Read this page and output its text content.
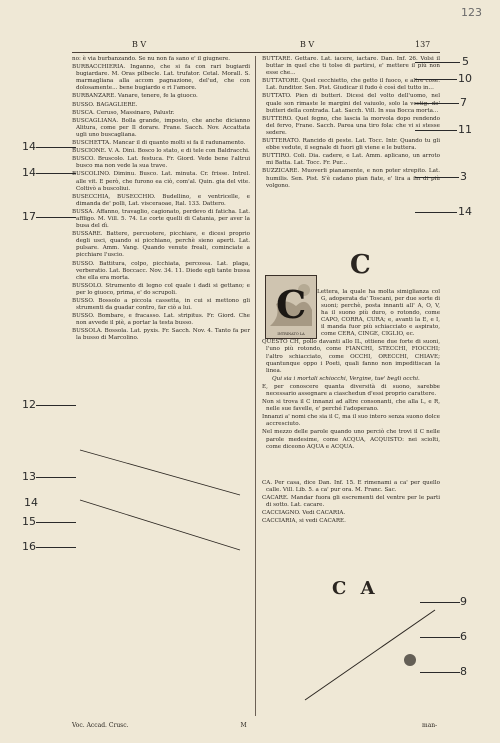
123
B V	B V	137

no: è via burbanzando. Se nu non fa sano e' il giugnere.

BURBACCHIERIA. Inganno, che si fa con rari bugiardi bugiardare. M. Oras pilbecle. Lat. trufator. Cetal. Morall. S. marmagliana alla accom pagnazione, del'ud, che con dolosamente... bene bugiardo e ri l'amore.

BURBANZARE. Vanare, tenere, fe la giuoco.

BUSSO. BAGAGLIERE.

BUSCA. Ceruso, Massinaro, Palustr.

BUSCAGLIANA. Bolla grande, imposto, che anche dicianno Alitura, come per Il dorare. Frane. Sacch. Nov. Accattata ugli uno buscagliana.

BUSCHETTA. Mancar il di quanto molti si fa il radunamento.

BUSCIONE. V. A. Dini. Bosco lo stato, e di tele con Baldracchi.

BUSCO. Bruscolo. Lat. festuca. Fr. Giord. Vede bene l'altrui busco ma non vede la sua trave.

BUSCOLINO. Diminu. Busco. Lat. minuta. Cr. frisse. Intrel. alle vit. E però, che furono ea ciò, com'al. Quin. gia del vite. Coltivò a buscoliui.

BUSECCHIA, BUSECCHIO. Budellino, e ventricelle, e dimanda de' polli, Lat. visceraoae, Ital. 133. Dattero.

BUSSA. Affanno, travaglio, cagionato, perdevo di faticha. Lat. affligo. M. Vill. 5. 74. Le corte quelli di Catania, per aver la busa del dì.

BUSSARE. Battere, percuotere, picchiare, e dicesi proprio degli usci, quando si picchiano, perchè sieno aperti. Lat. pulsare. Amm. Vang. Quando venute freali, cominciate a picchiare l'uscio.

BUSSO. Battitura, colpo, picchiata, percossa. Lat. plaga, verberatio. Lat. Boccacc. Nov. 34. 11. Diede egli tante bussa che ella era morta.

BUSSOLO. Strumento di legno col quale i dadi si gettano; e per lo giuoco, prima, e' do scrupoli.

BUSSO. Bossolo a piccola cassetta, in cui si mettono gli strumenti da guadar contro, far ciò a lui.

BUSSO. Bombare, e fracasso. Lat. stripitus. Fr. Giord. Che non avvede il piè, a portar la testa busso.

BUSSOLA. Bossola. Lat. pyxis. Fr. Sacch. Nov. 4. Tanto fa per la busso di Marcolino.

BUTTARE. Gettare. Lat. iacere, iactare. Dan. Inf. 26. Volsi il buttar in quel che ti tolse di partirsi, e' mettere il più non esse che...

BUTTATORE. Quel cecchietto, che getto il fuoco, e altre cose. Lat. funditor. Sen. Pist. Giudicar il fudo è così del tutto in...

BUTTATO. Pien di butteri. Dicesi del volto dell'uomo, nel quale son rimaste le margini del vaiuolo, solo la vestig. de' butteri della contrada. Lat. Sacch. Vill. In sua Bocca morta...

BUTTERO. Quel fegno, che lascia la morvola dopo rendendo del fervo, Frane. Sacch. Parea una tiro fola: che vi si stesse sedere.

BUTTERATO. Rancido di peste. Lat. Tocc. Intr. Quando tu gli ebbe vedute, il segnale di fuori gli viene e le buttera.

BUTTIRO. Coli. Dia. cadere, e Lat. Amm. aplicano, un arroto mi Batta. Lat. Tocc. Fr. Pur...

BUZZICARE. Muoverli pianamente, e non poter strepito. Lat. humilis. Sen. Pist. S'è cadano pian fiate, e' lira a fin di più volgono.

Lettera, la quale ha molta simiglianza col G, adoperata da' Toscani, per due sorte di suoni; perchè, posta innanti all' A, O, V, ha il suono più duro, o rotondo, come CAPO, CORRA, CURA; e, avanti la E, e I, il manda fuor più schiacciato e aspirato, come CERA, CINGE, CIGLIO, ec.

QUESTO CH, pollo davanti allo IL, ottiene due forte di suoni, l'uno più rotondo, come FIANCHI, STECCHI, FIOCCHI; l'altro schiacciato, come OCCHI, ORECCHI, CHIAVE; quantunque oppo i Poeti, quali fanno non impeditiscan la linea.

Qui sia i mortali schiocchi, Vergine, tue' begli occhi.

E, per conoscere quanta diversità di suono, sarebbe necessario assegnare a ciaschedun d'essi proprio carattere.

Non si trova il C innanzi ad altre consonanti, che alla L, e R, nelle sue favelle, e' perché l'adoperano.

Innanzi a' nomi che sia il C, ma il suo intero senza suono dolce accresciuto.

Nel mezzo delle parole quando uno perciò che trovi il C nelle parole medesime, come ACQUA, ACQUISTO: nei sciolti, come diceono AQUA e ACQUA.

CA. Per casa, dice Dan. Inf. 15. E rimenami a ca' per quello calle. Vill. Lib. 5. a ca' pur ora. M. Franc. Sac.

CACARE. Mandar fuora gli escrementi del ventre per le parti di sotto. Lat. cacare.

CACCIAGNO. Vedi CACARIA.

CACCIARIA, si vedi CACARE.

C
C
INTRINATO LA
C A
Voc. Accad. Crusc.	M	man-
14
14
17
12
13
14
15
16
5
10
7
11
3
14
9
6
8
